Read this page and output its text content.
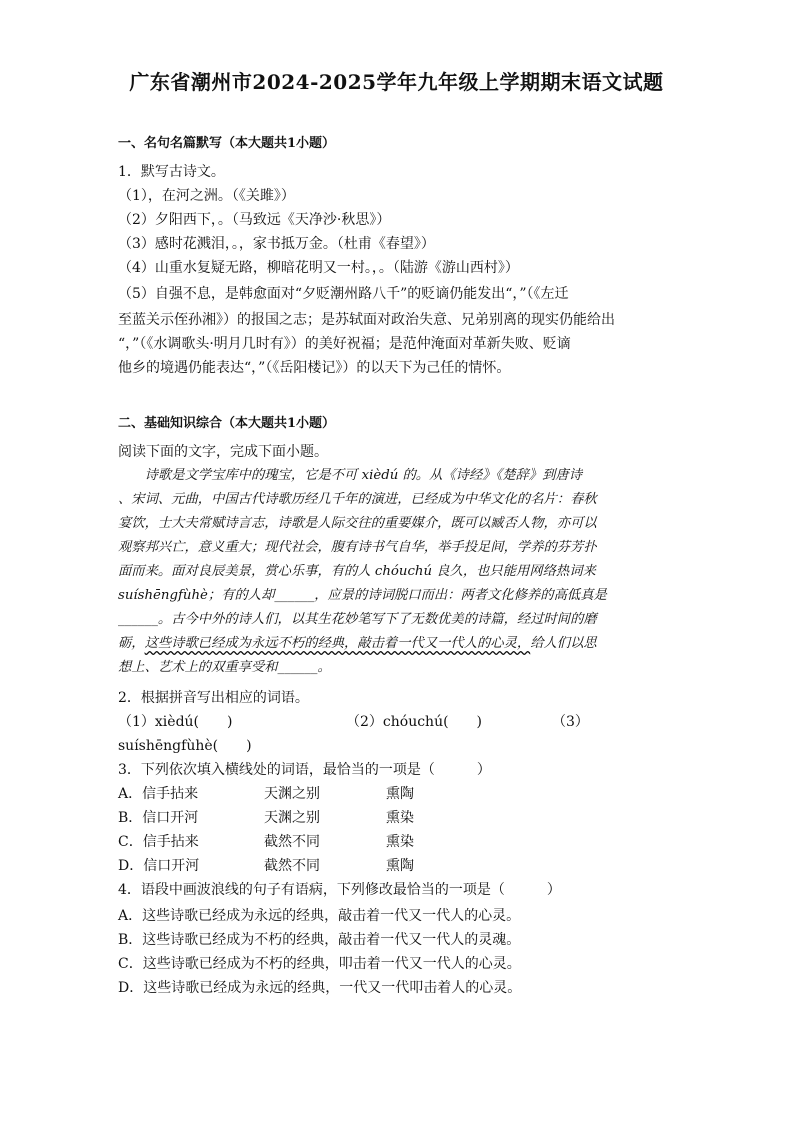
广东省潮州市2024-2025学年九年级上学期期末语文试题
一、名句名篇默写（本大题共1小题）
1．默写古诗文。
（1），在河之洲。（《关雎》）
（2）夕阳西下，。（马致远《天净沙·秋思》）
（3）感时花溅泪，。，家书抵万金。（杜甫《春望》）
（4）山重水复疑无路，柳暗花明又一村。，。（陆游《游山西村》）
（5）自强不息，是韩愈面对“夕贬潮州路八千”的贬谪仍能发出“，”（《左迁
至蓝关示侄孙湘》）的报国之志；是苏轼面对政治失意、兄弟别离的现实仍能给出
“，”（《水调歌头·明月几时有》）的美好祝福；是范仲淹面对革新失败、贬谪
他乡的境遇仍能表达“，”（《岳阳楼记》）的以天下为己任的情怀。
二、基础知识综合（本大题共1小题）
阅读下面的文字，完成下面小题。

　　诗歌是文学宝库中的瑰宝，它是不可 xièdú 的。从《诗经》《楚辞》到唐诗

、宋词、元曲，中国古代诗歌历经几千年的演进，已经成为中华文化的名片：春秋

宴饮，士大夫常赋诗言志，诗歌是人际交往的重要媒介，既可以臧否人物，亦可以

观察邦兴亡，意义重大；现代社会，腹有诗书气自华，举手投足间，学养的芬芳扑

面而来。面对良辰美景，赏心乐事，有的人 chóuchú 良久，也只能用网络热词来

suíshēngfùhè；有的人却______，应景的诗词脱口而出：两者文化修养的高低真是

______。古今中外的诗人们，以其生花妙笔写下了无数优美的诗篇，经过时间的磨

砺，这些诗歌已经成为永远不朽的经典，敲击着一代又一代人的心灵，给人们以思

想上、艺术上的双重享受和______。

2．根据拼音写出相应的词语。
（1）xièdú(　　)	（2）chóuchú(　　)	（3）
suíshēngfùhè(　　)
3．下列依次填入横线处的词语，最恰当的一项是（　　　）
A．信手拈来	天渊之别	熏陶
B．信口开河	天渊之别	熏染
C．信手拈来	截然不同	熏染
D．信口开河	截然不同	熏陶
4．语段中画波浪线的句子有语病，下列修改最恰当的一项是（　　　）
A．这些诗歌已经成为永远的经典，敲击着一代又一代人的心灵。
B．这些诗歌已经成为不朽的经典，敲击着一代又一代人的灵魂。
C．这些诗歌已经成为不朽的经典，叩击着一代又一代人的心灵。
D．这些诗歌已经成为永远的经典，一代又一代叩击着人的心灵。
